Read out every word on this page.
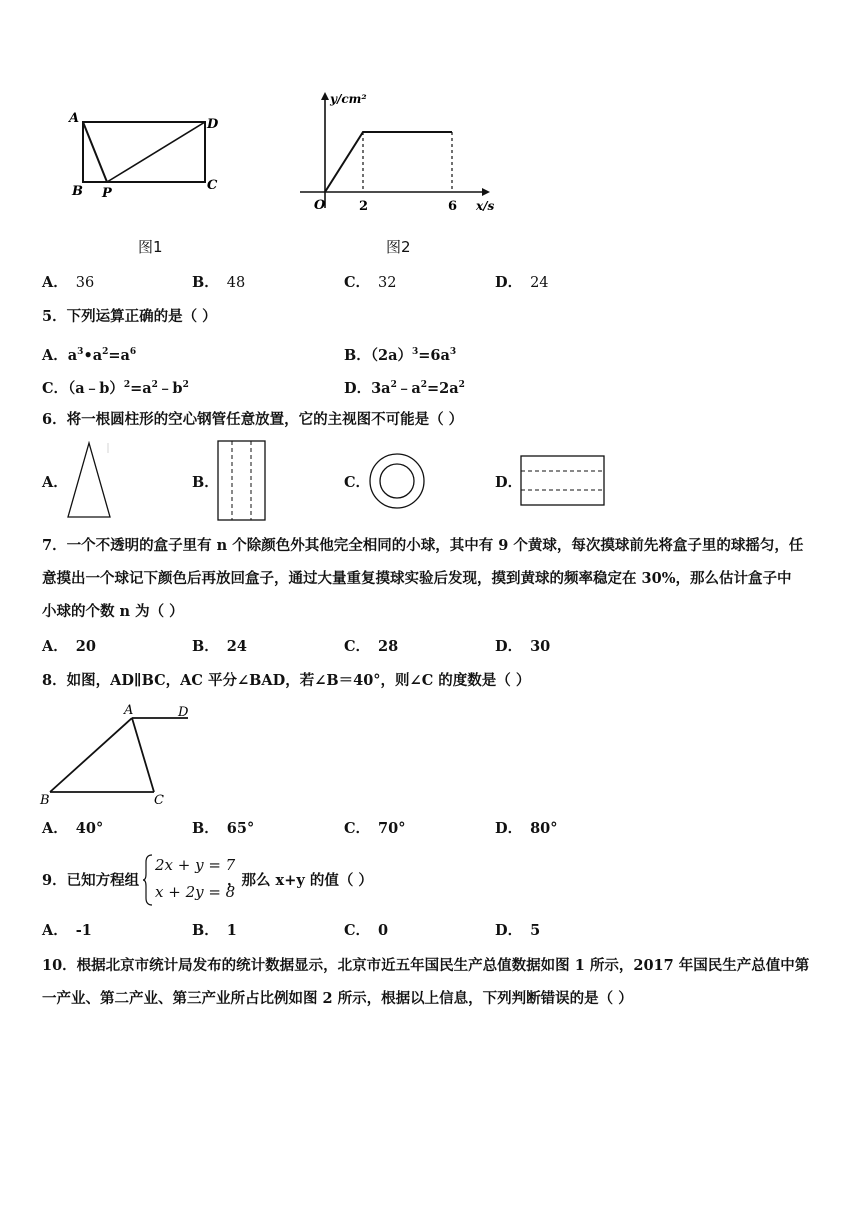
A	D
B P
C
图1
y/cm²
x/s
O	2	6
图2
A． 36	B． 48	C． 32	D． 24
5．下列运算正确的是（ ）
A．$a^3•a^2=a^6$	B．$(2a)^3=6a^3$
C．$(a﹣b)^2=a^2﹣b^2$	D．$3a^2﹣a^2=2a^2$
6．将一根圆柱形的空心钢管任意放置，它的主视图不可能是（ ）
A．	B．	C．	D．
7．一个不透明的盒子里有 n 个除颜色外其他完全相同的小球，其中有 9 个黄球，每次摸球前先将盒子里的球摇匀，任
意摸出一个球记下颜色后再放回盒子，通过大量重复摸球实验后发现，摸到黄球的频率稳定在 30%，那么估计盒子中
小球的个数 n 为（ ）
A． 20	B． 24	C． 28	D． 30
8．如图，AD∥BC，AC 平分∠BAD，若∠B＝40°，则∠C 的度数是（ ）
A	D
B	C
A． 40°	B． 65°	C． 70°	D． 80°
9．已知方程组
2x + y = 7
x + 2y = 8
，那么 x+y 的值（ ）
A． -1	B． 1	C． 0	D． 5
10．根据北京市统计局发布的统计数据显示，北京市近五年国民生产总值数据如图 1 所示，2017 年国民生产总值中第
一产业、第二产业、第三产业所占比例如图 2 所示，根据以上信息，下列判断错误的是（ ）
